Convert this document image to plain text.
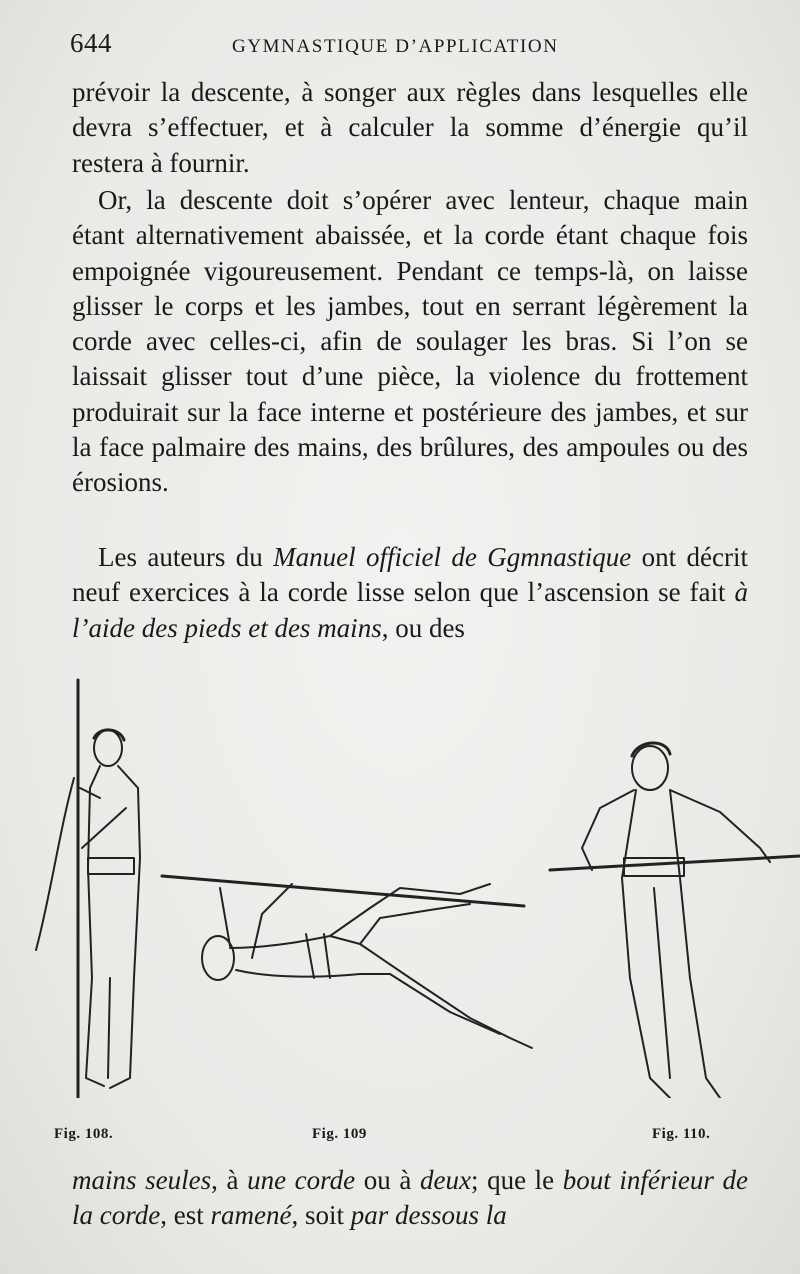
644	GYMNASTIQUE D’APPLICATION

prévoir la descente, à songer aux règles dans lesquelles elle devra s’effectuer, et à calculer la somme d’énergie qu’il restera à fournir.

Or, la descente doit s’opérer avec lenteur, chaque main étant alternativement abaissée, et la corde étant chaque fois empoignée vigoureusement. Pendant ce temps-là, on laisse glisser le corps et les jambes, tout en serrant légèrement la corde avec celles-ci, afin de soulager les bras. Si l’on se laissait glisser tout d’une pièce, la violence du frottement produirait sur la face interne et postérieure des jambes, et sur la face palmaire des mains, des brûlures, des ampoules ou des érosions.

Les auteurs du Manuel officiel de Ggmnastique ont décrit neuf exercices à la corde lisse selon que l’ascension se fait à l’aide des pieds et des mains, ou des

Fig. 108.	Fig. 109	Fig. 110.

mains seules, à une corde ou à deux; que le bout inférieur de la corde, est ramené, soit par dessous la
